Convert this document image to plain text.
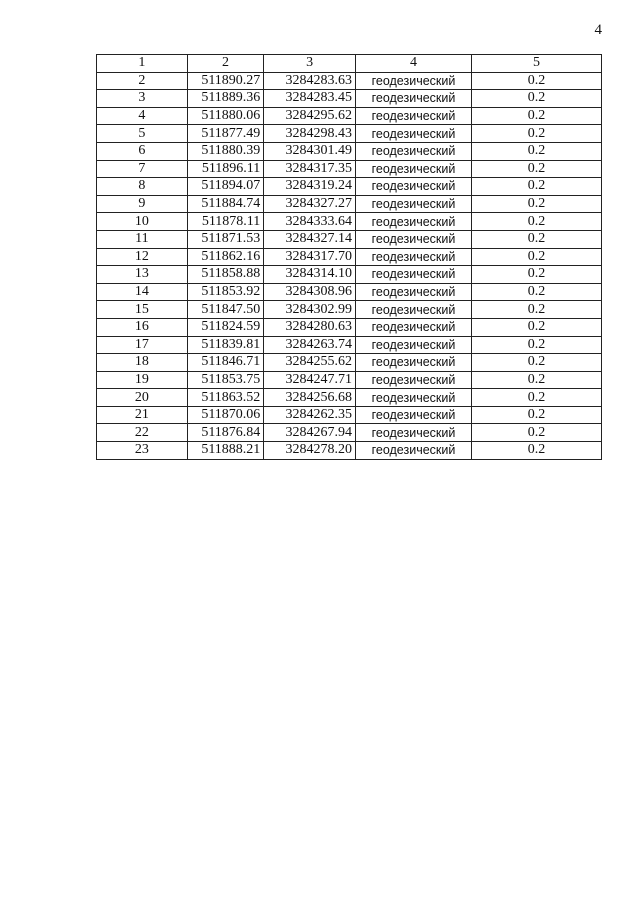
4
1	2	3	4	5
2	511890.27	3284283.63	геодезический	0.2
3	511889.36	3284283.45	геодезический	0.2
4	511880.06	3284295.62	геодезический	0.2
5	511877.49	3284298.43	геодезический	0.2
6	511880.39	3284301.49	геодезический	0.2
7	511896.11	3284317.35	геодезический	0.2
8	511894.07	3284319.24	геодезический	0.2
9	511884.74	3284327.27	геодезический	0.2
10	511878.11	3284333.64	геодезический	0.2
11	511871.53	3284327.14	геодезический	0.2
12	511862.16	3284317.70	геодезический	0.2
13	511858.88	3284314.10	геодезический	0.2
14	511853.92	3284308.96	геодезический	0.2
15	511847.50	3284302.99	геодезический	0.2
16	511824.59	3284280.63	геодезический	0.2
17	511839.81	3284263.74	геодезический	0.2
18	511846.71	3284255.62	геодезический	0.2
19	511853.75	3284247.71	геодезический	0.2
20	511863.52	3284256.68	геодезический	0.2
21	511870.06	3284262.35	геодезический	0.2
22	511876.84	3284267.94	геодезический	0.2
23	511888.21	3284278.20	геодезический	0.2
